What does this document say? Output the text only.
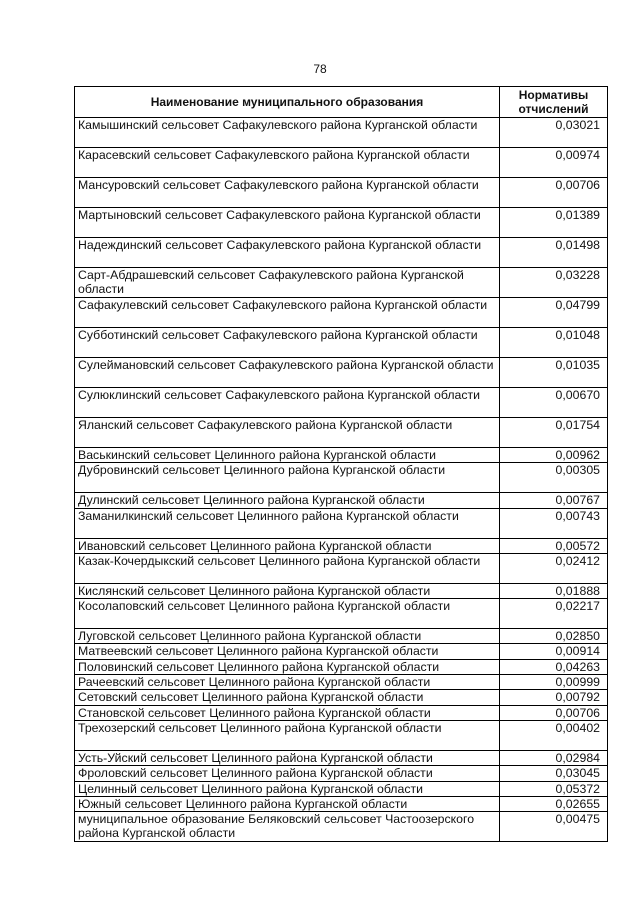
78
Наименование муниципального образования	Нормативы отчислений
Камышинский сельсовет Сафакулевского района Курганской области	0,03021
Карасевский сельсовет Сафакулевского района Курганской области	0,00974
Мансуровский сельсовет Сафакулевского района Курганской области	0,00706
Мартыновский сельсовет Сафакулевского района Курганской области	0,01389
Надеждинский сельсовет Сафакулевского района Курганской области	0,01498
Сарт-Абдрашевский сельсовет Сафакулевского района Курганской области	0,03228
Сафакулевский сельсовет Сафакулевского района Курганской области	0,04799
Субботинский сельсовет Сафакулевского района Курганской области	0,01048
Сулеймановский сельсовет Сафакулевского района Курганской области	0,01035
Сулюклинский сельсовет Сафакулевского района Курганской области	0,00670
Яланский сельсовет Сафакулевского района Курганской области	0,01754
Васькинский сельсовет Целинного района Курганской области	0,00962
Дубровинский сельсовет Целинного района Курганской области	0,00305
Дулинский сельсовет Целинного района Курганской области	0,00767
Заманилкинский сельсовет Целинного района Курганской области	0,00743
Ивановский сельсовет Целинного района Курганской области	0,00572
Казак-Кочердыкский сельсовет Целинного района Курганской области	0,02412
Кислянский сельсовет Целинного района Курганской области	0,01888
Косолаповский сельсовет Целинного района Курганской области	0,02217
Луговской сельсовет Целинного района Курганской области	0,02850
Матвеевский сельсовет Целинного района Курганской области	0,00914
Половинский сельсовет Целинного района Курганской области	0,04263
Рачеевский сельсовет Целинного района Курганской области	0,00999
Сетовский сельсовет Целинного района Курганской области	0,00792
Становской сельсовет Целинного района Курганской области	0,00706
Трехозерский сельсовет Целинного района Курганской области	0,00402
Усть-Уйский сельсовет Целинного района Курганской области	0,02984
Фроловский сельсовет Целинного района Курганской области	0,03045
Целинный сельсовет Целинного района Курганской области	0,05372
Южный сельсовет Целинного района Курганской области	0,02655
муниципальное образование Беляковский сельсовет Частоозерского района Курганской области	0,00475
